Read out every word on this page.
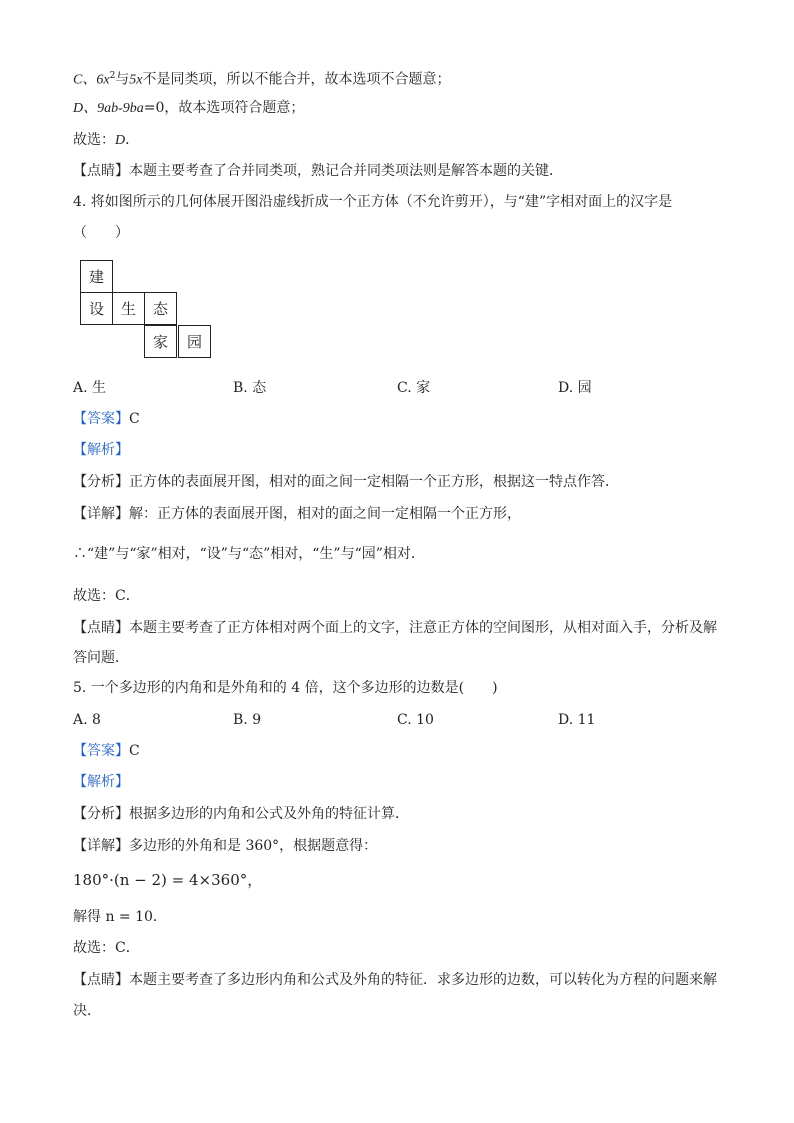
C、$6x^2$与5x不是同类项，所以不能合并，故本选项不合题意；
D、9ab-9ba=0，故本选项符合题意；
故选：D．
【点睛】本题主要考查了合并同类项，熟记合并同类项法则是解答本题的关键．
4. 将如图所示的几何体展开图沿虚线折成一个正方体（不允许剪开），与“建”字相对面上的汉字是
（　　）
建
设	生	态
家	园
A. 生	B. 态	C. 家	D. 园
【答案】C
【解析】
【分析】正方体的表面展开图，相对的面之间一定相隔一个正方形，根据这一特点作答．
【详解】解：正方体的表面展开图，相对的面之间一定相隔一个正方形，
∴“建”与“家”相对，“设”与“态”相对，“生”与“园”相对．
故选：C．
【点睛】本题主要考查了正方体相对两个面上的文字，注意正方体的空间图形，从相对面入手，分析及解
答问题．
5. 一个多边形的内角和是外角和的 4 倍，这个多边形的边数是(　　)
A. 8	B. 9	C. 10	D. 11
【答案】C
【解析】
【分析】根据多边形的内角和公式及外角的特征计算．
【详解】多边形的外角和是 360°，根据题意得：
180°·(n − 2) = 4×360°，
解得 n = 10．
故选：C．
【点睛】本题主要考查了多边形内角和公式及外角的特征．求多边形的边数，可以转化为方程的问题来解
决．
